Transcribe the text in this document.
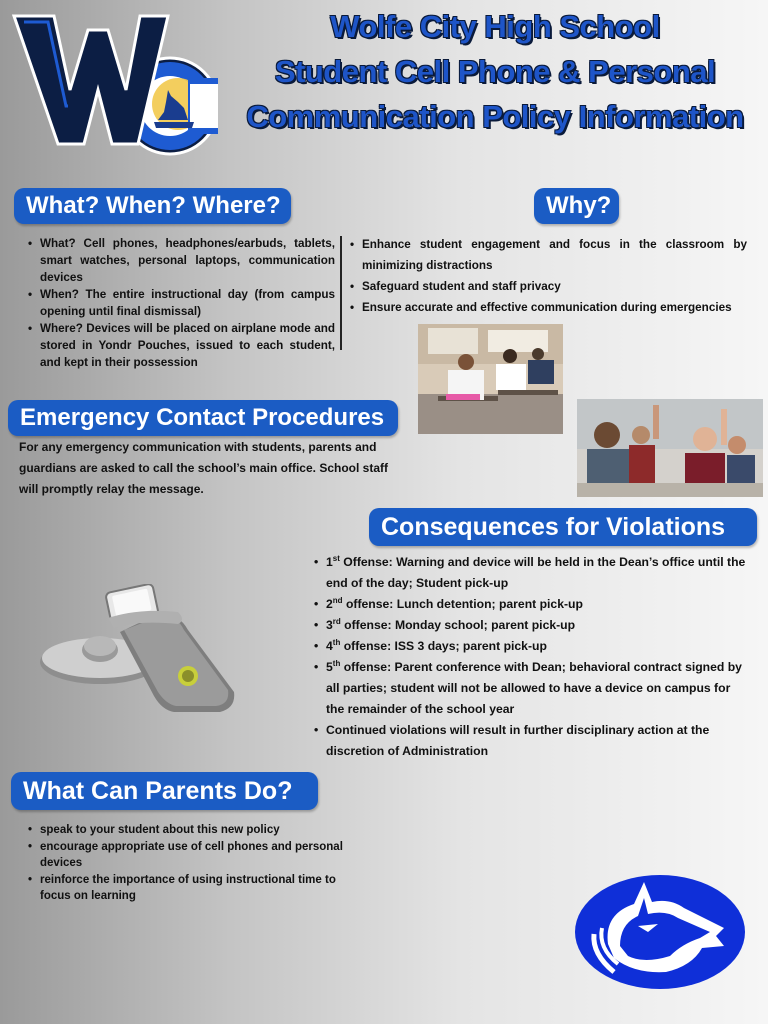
Wolfe City High School
Student Cell Phone & Personal
Communication Policy Information
What? When? Where?
• What? Cell phones, headphones/earbuds, tablets, smart watches, personal laptops, communication devices
• When? The entire instructional day (from campus opening until final dismissal)
• Where? Devices will be placed on airplane mode and stored in Yondr Pouches, issued to each student, and kept in their possession
Why?
• Enhance student engagement and focus in the classroom by minimizing distractions
• Safeguard student and staff privacy
• Ensure accurate and effective communication during emergencies
Emergency Contact Procedures
For any emergency communication with students, parents and guardians are asked to call the school’s main office. School staff will promptly relay the message.
Consequences for Violations
• 1st Offense: Warning and device will be held in the Dean’s office until the end of the day; Student pick-up
• 2nd offense: Lunch detention; parent pick-up
• 3rd offense: Monday school; parent pick-up
• 4th offense: ISS 3 days; parent pick-up
• 5th offense: Parent conference with Dean; behavioral contract signed by all parties; student will not be allowed to have a device on campus for the remainder of the school year
• Continued violations will result in further disciplinary action at the discretion of Administration
What Can Parents Do?
• speak to your student about this new policy
• encourage appropriate use of cell phones and personal devices
• reinforce the importance of using instructional time to focus on learning
